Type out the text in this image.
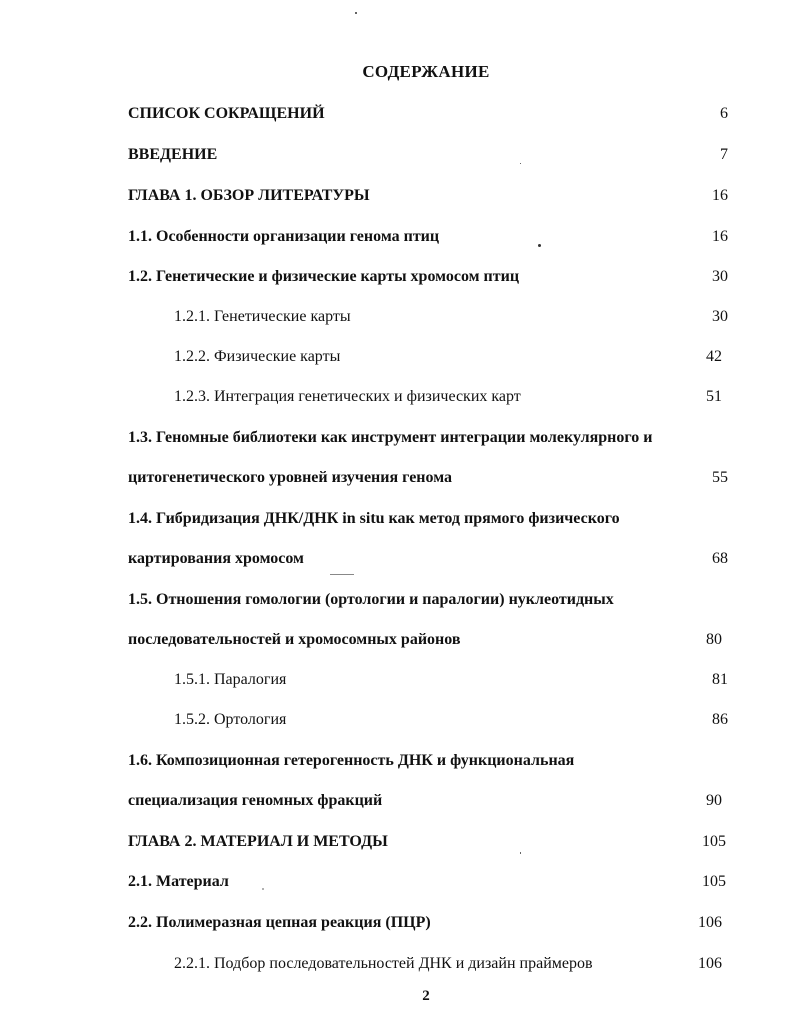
СОДЕРЖАНИЕ
СПИСОК СОКРАЩЕНИЙ	6
ВВЕДЕНИЕ	7
ГЛАВА 1. ОБЗОР ЛИТЕРАТУРЫ	16
1.1. Особенности организации генома птиц	16
1.2. Генетические и физические карты хромосом птиц	30
1.2.1. Генетические карты	30
1.2.2. Физические карты	42
1.2.3. Интеграция генетических и физических карт	51
1.3. Геномные библиотеки как инструмент интеграции молекулярного и
цитогенетического уровней изучения генома	55
1.4. Гибридизация ДНК/ДНК in situ как метод прямого физического
картирования хромосом	68
1.5. Отношения гомологии (ортологии и паралогии) нуклеотидных
последовательностей и хромосомных районов	80
1.5.1. Паралогия	81
1.5.2. Ортология	86
1.6. Композиционная гетерогенность ДНК и функциональная
специализация геномных фракций	90
ГЛАВА 2. МАТЕРИАЛ И МЕТОДЫ	105
2.1. Материал	105
2.2. Полимеразная цепная реакция (ПЦР)	106
2.2.1. Подбор последовательностей ДНК и дизайн праймеров	106
2
